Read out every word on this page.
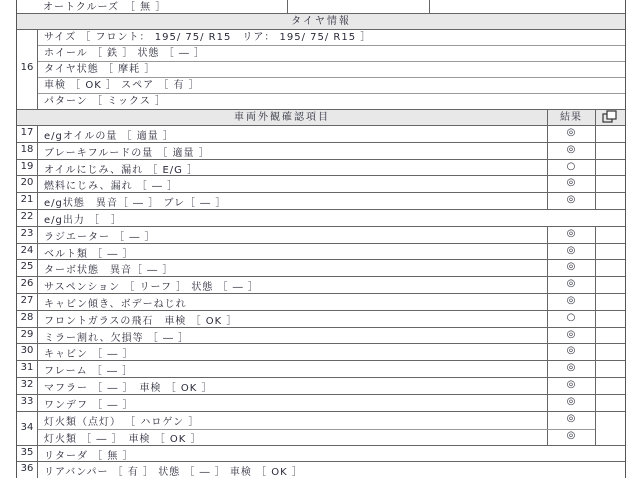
オートクルーズ　［ 無 ］
タイヤ情報
16
サイズ ［ フロント： 195/ 75/ R15　リア： 195/ 75/ R15 ］
ホイール ［ 鉄 ］ 状態 ［ ― ］
タイヤ状態 ［ 摩耗 ］
車検 ［ OK ］ スペア ［ 有 ］
パターン ［ ミックス ］
車両外観確認項目	結果
17	e/gオイルの量 ［ 適量 ］	◎
18	ブレーキフルードの量 ［ 適量 ］	◎
19	オイルにじみ、漏れ ［ E/G ］	○
20	燃料にじみ、漏れ ［ ― ］	◎
21	e/g状態　異音［ ― ］ ブレ［ ― ］	◎
22	e/g出力 ［　］
23	ラジエーター ［ ― ］	◎
24	ベルト類 ［ ― ］	◎
25	ターボ状態　異音［ ― ］	◎
26	サスペンション ［ リーフ ］ 状態 ［ ― ］	◎
27	キャビン傾き、ボデーねじれ	◎
28	フロントガラスの飛石　車検 ［ OK ］	○
29	ミラー割れ、欠損等 ［ ― ］	◎
30	キャビン ［ ― ］	◎
31	フレーム ［ ― ］	◎
32	マフラー ［ ― ］　車検 ［ OK ］	◎
33	ワンデフ ［ ― ］	◎
34	灯火類（点灯） ［ ハロゲン ］	◎
灯火類 ［ ― ］　車検 ［ OK ］	◎
35	リターダ ［ 無 ］
36	リアバンパー ［ 有 ］ 状態 ［ ― ］ 車検 ［ OK ］
